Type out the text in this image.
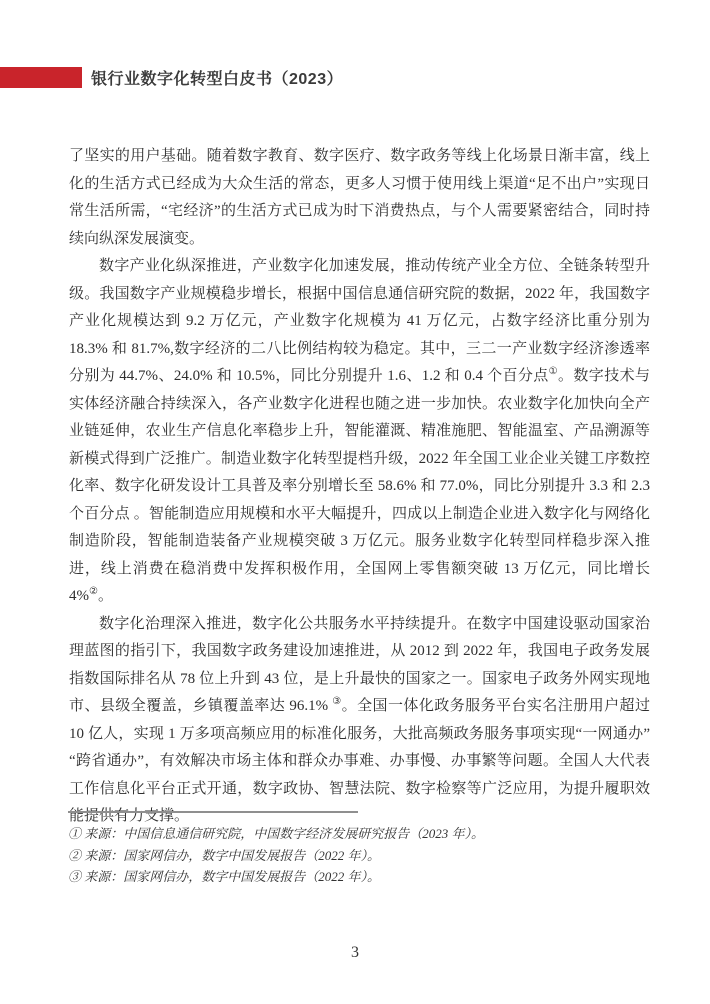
银行业数字化转型白皮书（2023）

了坚实的用户基础。随着数字教育、数字医疗、数字政务等线上化场景日渐丰富，线上化的生活方式已经成为大众生活的常态，更多人习惯于使用线上渠道“足不出户”实现日常生活所需，“宅经济”的生活方式已成为时下消费热点，与个人需要紧密结合，同时持续向纵深发展演变。

数字产业化纵深推进，产业数字化加速发展，推动传统产业全方位、全链条转型升级。我国数字产业规模稳步增长，根据中国信息通信研究院的数据，2022 年，我国数字产业化规模达到 9.2 万亿元，产业数字化规模为 41 万亿元，占数字经济比重分别为 18.3% 和 81.7%,数字经济的二八比例结构较为稳定。其中，三二一产业数字经济渗透率分别为 44.7%、24.0% 和 10.5%，同比分别提升 1.6、1.2 和 0.4 个百分点①。数字技术与实体经济融合持续深入，各产业数字化进程也随之进一步加快。农业数字化加快向全产业链延伸，农业生产信息化率稳步上升，智能灌溉、精准施肥、智能温室、产品溯源等新模式得到广泛推广。制造业数字化转型提档升级，2022 年全国工业企业关键工序数控化率、数字化研发设计工具普及率分别增长至 58.6% 和 77.0%，同比分别提升 3.3 和 2.3 个百分点 。智能制造应用规模和水平大幅提升，四成以上制造企业进入数字化与网络化制造阶段，智能制造装备产业规模突破 3 万亿元。服务业数字化转型同样稳步深入推进，线上消费在稳消费中发挥积极作用，全国网上零售额突破 13 万亿元，同比增长 4%②。

数字化治理深入推进，数字化公共服务水平持续提升。在数字中国建设驱动国家治理蓝图的指引下，我国数字政务建设加速推进，从 2012 到 2022 年，我国电子政务发展指数国际排名从 78 位上升到 43 位，是上升最快的国家之一。国家电子政务外网实现地市、县级全覆盖，乡镇覆盖率达 96.1% ③。全国一体化政务服务平台实名注册用户超过 10 亿人，实现 1 万多项高频应用的标准化服务，大批高频政务服务事项实现“一网通办” “跨省通办”，有效解决市场主体和群众办事难、办事慢、办事繁等问题。全国人大代表工作信息化平台正式开通，数字政协、智慧法院、数字检察等广泛应用，为提升履职效能提供有力支撑。

① 来源：中国信息通信研究院，中国数字经济发展研究报告（2023 年）。
② 来源：国家网信办，数字中国发展报告（2022 年）。
③ 来源：国家网信办，数字中国发展报告（2022 年）。
3
